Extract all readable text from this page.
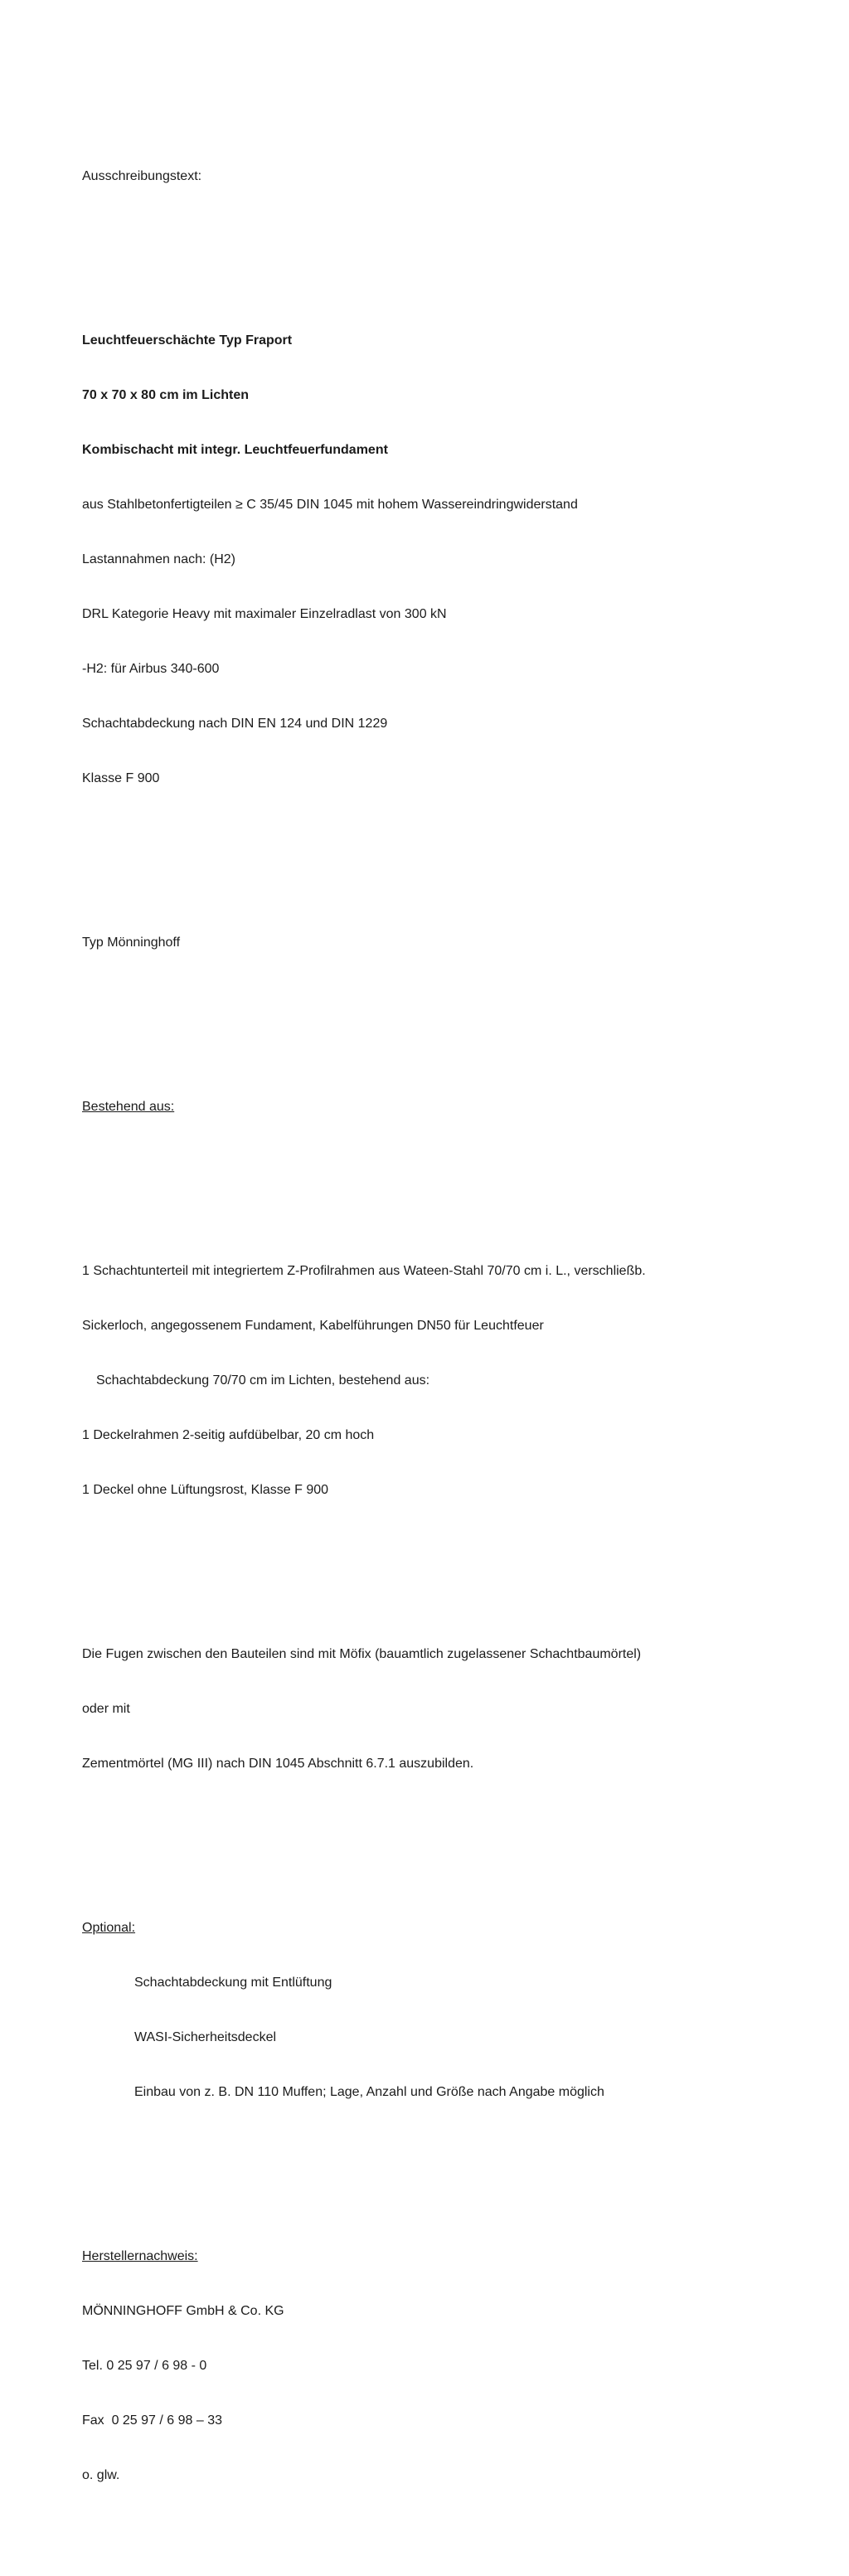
Ausschreibungstext:

Leuchtfeuerschächte Typ Fraport

70 x 70 x 80 cm im Lichten

Kombischacht mit integr. Leuchtfeuerfundament

aus Stahlbetonfertigteilen ≥ C 35/45 DIN 1045 mit hohem Wassereindringwiderstand

Lastannahmen nach: (H2)

DRL Kategorie Heavy mit maximaler Einzelradlast von 300 kN

-H2: für Airbus 340-600

Schachtabdeckung nach DIN EN 124 und DIN 1229

Klasse F 900

Typ Mönninghoff

Bestehend aus:

1 Schachtunterteil mit integriertem Z-Profilrahmen aus Wateen-Stahl 70/70 cm i. L., verschließb.

Sickerloch, angegossenem Fundament, Kabelführungen DN50 für Leuchtfeuer

Schachtabdeckung 70/70 cm im Lichten, bestehend aus:

1 Deckelrahmen 2-seitig aufdübelbar, 20 cm hoch

1 Deckel ohne Lüftungsrost, Klasse F 900

Die Fugen zwischen den Bauteilen sind mit Möfix (bauamtlich zugelassener Schachtbaumörtel)

oder mit

Zementmörtel (MG III) nach DIN 1045 Abschnitt 6.7.1 auszubilden.

Optional:

Schachtabdeckung mit Entlüftung

WASI-Sicherheitsdeckel

Einbau von z. B. DN 110 Muffen; Lage, Anzahl und Größe nach Angabe möglich

Herstellernachweis:

MÖNNINGHOFF GmbH & Co. KG

Tel. 0 25 97 / 6 98 - 0

Fax  0 25 97 / 6 98 – 33

o. glw.
